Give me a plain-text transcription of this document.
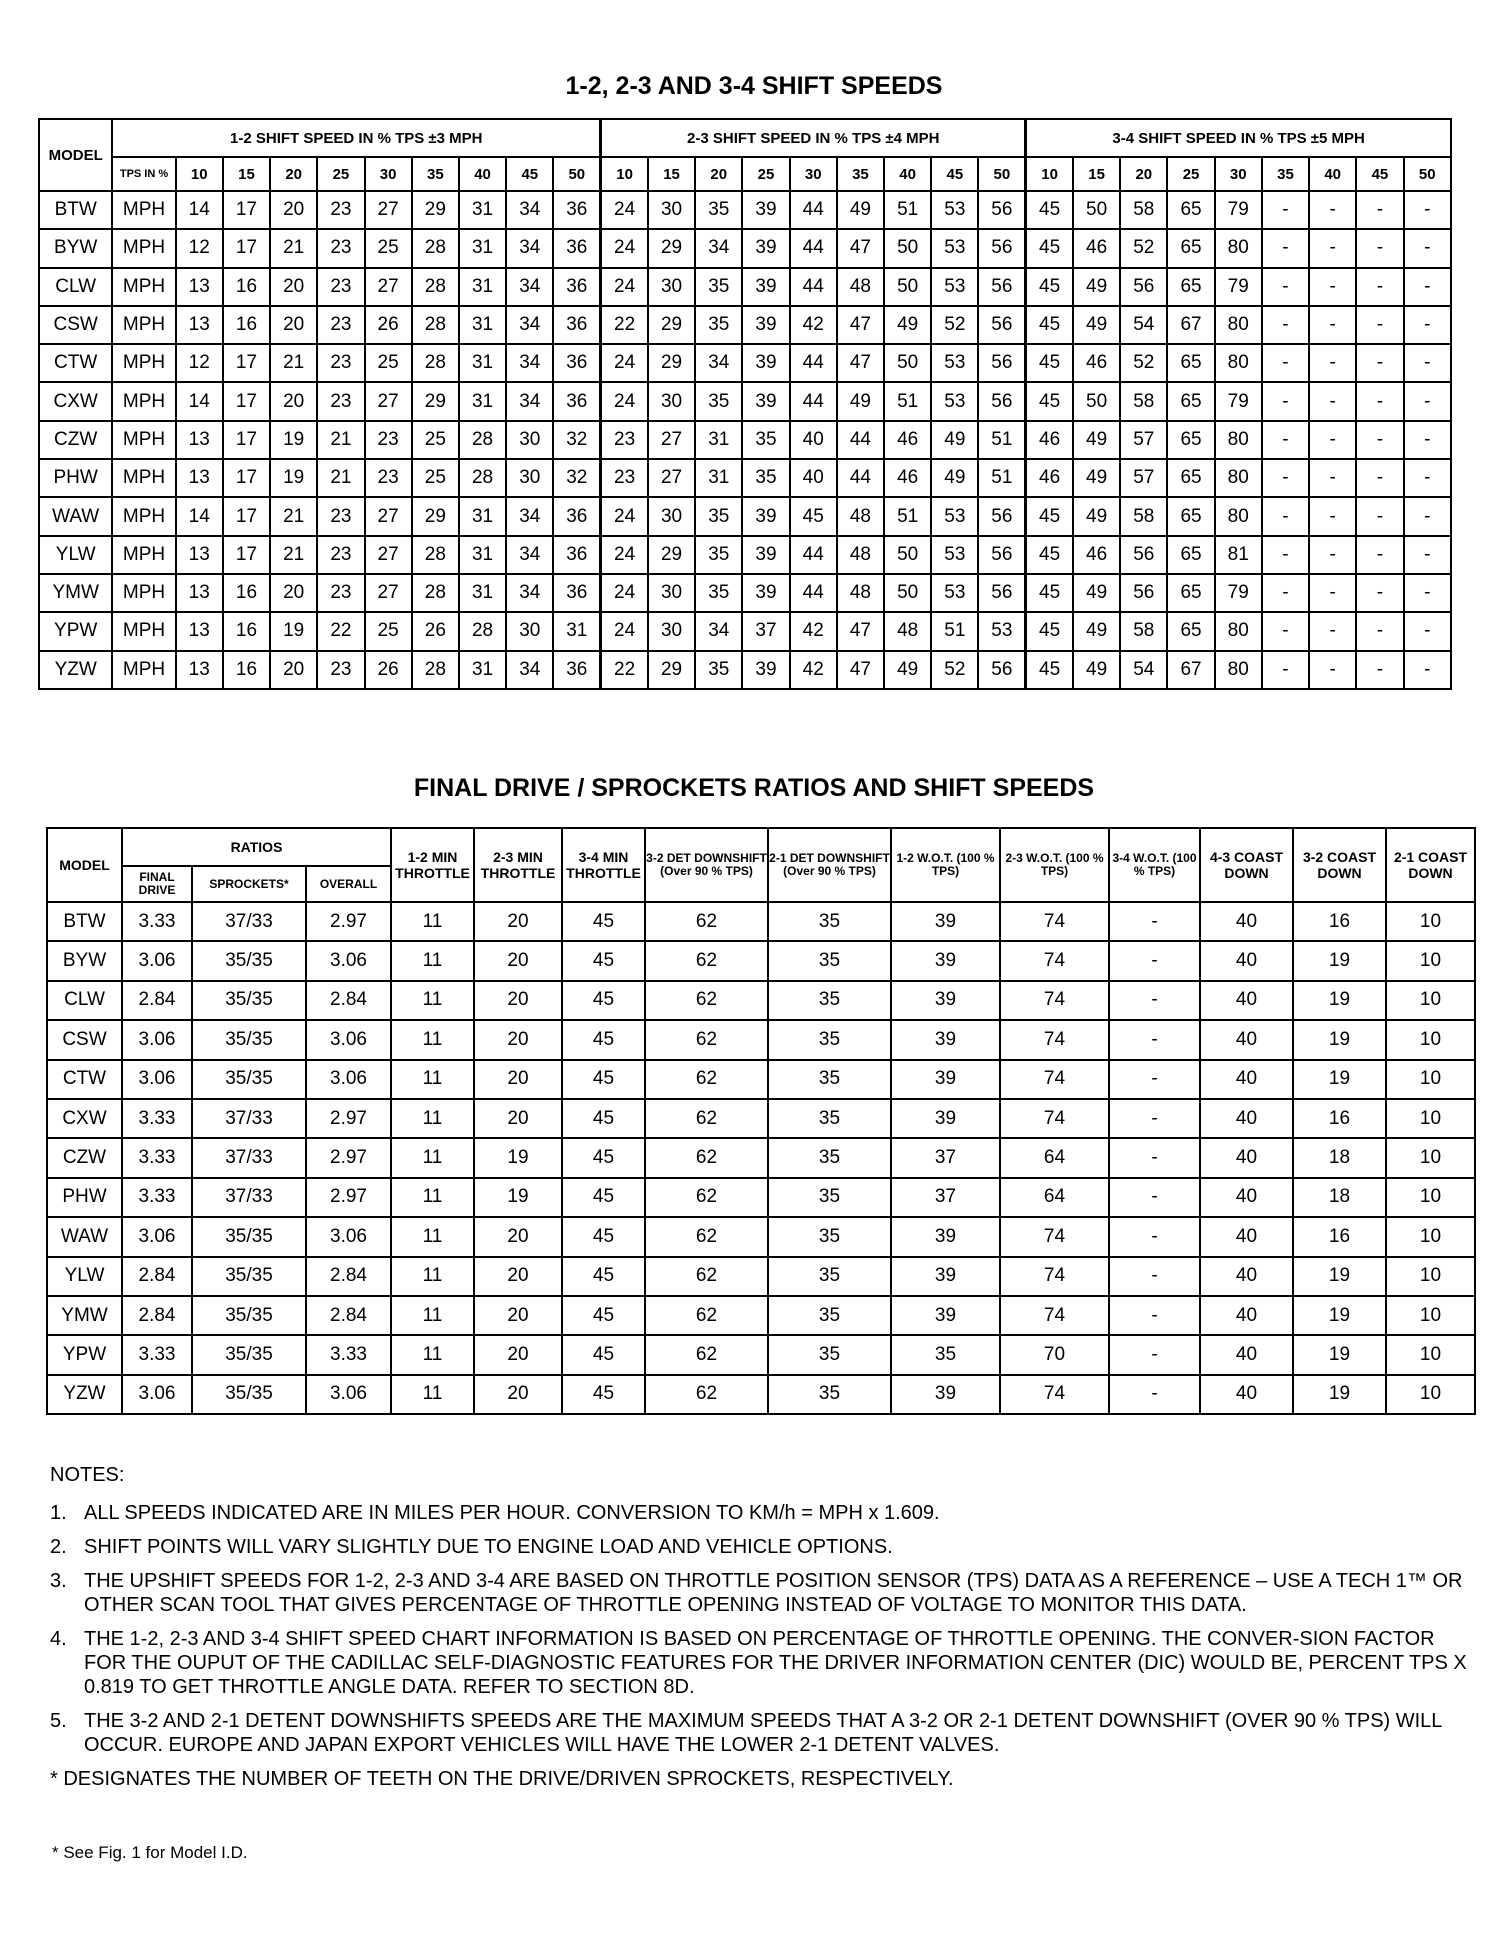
1-2, 2-3 AND 3-4 SHIFT SPEEDS
MODEL	1-2 SHIFT SPEED IN % TPS ±3 MPH										2-3 SHIFT SPEED IN % TPS ±4 MPH									3-4 SHIFT SPEED IN % TPS ±5 MPH								
	TPS IN %	10	15	20	25	30	35	40	45	50	10	15	20	25	30	35	40	45	50	10	15	20	25	30	35	40	45	50
BTW	MPH	14	17	20	23	27	29	31	34	36	24	30	35	39	44	49	51	53	56	45	50	58	65	79	-	-	-	-
BYW	MPH	12	17	21	23	25	28	31	34	36	24	29	34	39	44	47	50	53	56	45	46	52	65	80	-	-	-	-
CLW	MPH	13	16	20	23	27	28	31	34	36	24	30	35	39	44	48	50	53	56	45	49	56	65	79	-	-	-	-
CSW	MPH	13	16	20	23	26	28	31	34	36	22	29	35	39	42	47	49	52	56	45	49	54	67	80	-	-	-	-
CTW	MPH	12	17	21	23	25	28	31	34	36	24	29	34	39	44	47	50	53	56	45	46	52	65	80	-	-	-	-
CXW	MPH	14	17	20	23	27	29	31	34	36	24	30	35	39	44	49	51	53	56	45	50	58	65	79	-	-	-	-
CZW	MPH	13	17	19	21	23	25	28	30	32	23	27	31	35	40	44	46	49	51	46	49	57	65	80	-	-	-	-
PHW	MPH	13	17	19	21	23	25	28	30	32	23	27	31	35	40	44	46	49	51	46	49	57	65	80	-	-	-	-
WAW	MPH	14	17	21	23	27	29	31	34	36	24	30	35	39	45	48	51	53	56	45	49	58	65	80	-	-	-	-
YLW	MPH	13	17	21	23	27	28	31	34	36	24	29	35	39	44	48	50	53	56	45	46	56	65	81	-	-	-	-
YMW	MPH	13	16	20	23	27	28	31	34	36	24	30	35	39	44	48	50	53	56	45	49	56	65	79	-	-	-	-
YPW	MPH	13	16	19	22	25	26	28	30	31	24	30	34	37	42	47	48	51	53	45	49	58	65	80	-	-	-	-
YZW	MPH	13	16	20	23	26	28	31	34	36	22	29	35	39	42	47	49	52	56	45	49	54	67	80	-	-	-	-
FINAL DRIVE / SPROCKETS RATIOS AND SHIFT SPEEDS
MODEL	RATIOS			1-2 MIN THROTTLE	2-3 MIN THROTTLE	3-4 MIN THROTTLE	3-2 DET DOWNSHIFT (Over 90 % TPS)	2-1 DET DOWNSHIFT (Over 90 % TPS)	1-2 W.O.T. (100 % TPS)	2-3 W.O.T. (100 % TPS)	3-4 W.O.T. (100 % TPS)	4-3 COAST DOWN	3-2 COAST DOWN	2-1 COAST DOWN
	FINAL DRIVE	SPROCKETS*	OVERALL											
BTW	3.33	37/33	2.97	11	20	45	62	35	39	74	-	40	16	10
BYW	3.06	35/35	3.06	11	20	45	62	35	39	74	-	40	19	10
CLW	2.84	35/35	2.84	11	20	45	62	35	39	74	-	40	19	10
CSW	3.06	35/35	3.06	11	20	45	62	35	39	74	-	40	19	10
CTW	3.06	35/35	3.06	11	20	45	62	35	39	74	-	40	19	10
CXW	3.33	37/33	2.97	11	20	45	62	35	39	74	-	40	16	10
CZW	3.33	37/33	2.97	11	19	45	62	35	37	64	-	40	18	10
PHW	3.33	37/33	2.97	11	19	45	62	35	37	64	-	40	18	10
WAW	3.06	35/35	3.06	11	20	45	62	35	39	74	-	40	16	10
YLW	2.84	35/35	2.84	11	20	45	62	35	39	74	-	40	19	10
YMW	2.84	35/35	2.84	11	20	45	62	35	39	74	-	40	19	10
YPW	3.33	35/35	3.33	11	20	45	62	35	35	70	-	40	19	10
YZW	3.06	35/35	3.06	11	20	45	62	35	39	74	-	40	19	10
NOTES:
1. ALL SPEEDS INDICATED ARE IN MILES PER HOUR. CONVERSION TO KM/h = MPH x 1.609.
2. SHIFT POINTS WILL VARY SLIGHTLY DUE TO ENGINE LOAD AND VEHICLE OPTIONS.
3. THE UPSHIFT SPEEDS FOR 1-2, 2-3 AND 3-4 ARE BASED ON THROTTLE POSITION SENSOR (TPS) DATA AS A REFERENCE – USE A TECH 1™ OR OTHER SCAN TOOL THAT GIVES PERCENTAGE OF THROTTLE OPENING INSTEAD OF VOLTAGE TO MONITOR THIS DATA.
4. THE 1-2, 2-3 AND 3-4 SHIFT SPEED CHART INFORMATION IS BASED ON PERCENTAGE OF THROTTLE OPENING. THE CONVER-SION FACTOR FOR THE OUPUT OF THE CADILLAC SELF-DIAGNOSTIC FEATURES FOR THE DRIVER INFORMATION CENTER (DIC) WOULD BE, PERCENT TPS X 0.819 TO GET THROTTLE ANGLE DATA. REFER TO SECTION 8D.
5. THE 3-2 AND 2-1 DETENT DOWNSHIFTS SPEEDS ARE THE MAXIMUM SPEEDS THAT A 3-2 OR 2-1 DETENT DOWNSHIFT (OVER 90 % TPS) WILL OCCUR. EUROPE AND JAPAN EXPORT VEHICLES WILL HAVE THE LOWER 2-1 DETENT VALVES.
* DESIGNATES THE NUMBER OF TEETH ON THE DRIVE/DRIVEN SPROCKETS, RESPECTIVELY.
* See Fig. 1 for Model I.D.
